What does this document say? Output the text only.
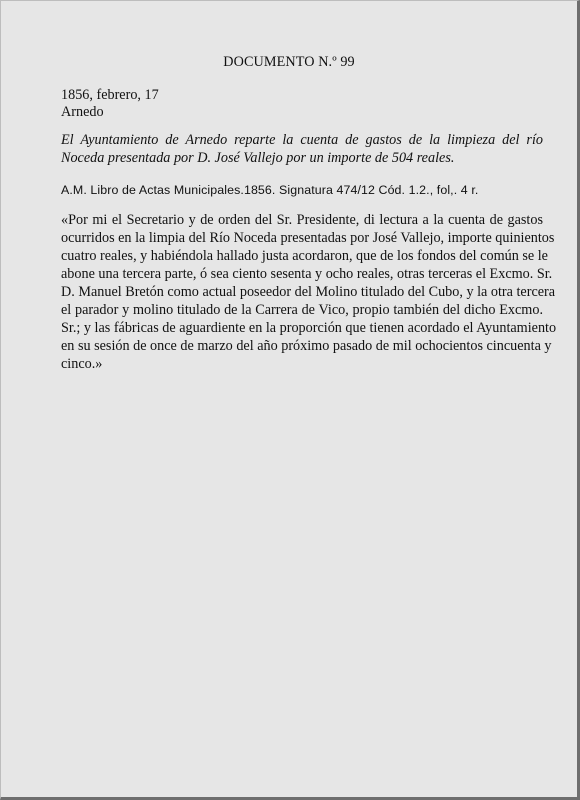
DOCUMENTO N.º 99
1856, febrero, 17
Arnedo
El Ayuntamiento de Arnedo reparte la cuenta de gastos de la limpieza del río Noceda presentada por D. José Vallejo por un importe de 504 reales.
A.M. Libro de Actas Municipales.1856. Signatura 474/12 Cód. 1.2., fol,. 4 r.
«Por mi el Secretario y de orden del Sr. Presidente, di lectura a la cuenta de gastos
ocurridos en la limpia del Río Noceda presentadas por José Vallejo, importe quinientos
cuatro reales, y habiéndola hallado justa acordaron, que de los fondos del común se le
abone una tercera parte, ó sea ciento sesenta y ocho reales, otras terceras el Excmo. Sr.
D. Manuel Bretón como actual poseedor del Molino titulado del Cubo, y la otra tercera
el parador y molino titulado de la Carrera de Vico, propio también del dicho Excmo.
Sr.; y las fábricas de aguardiente en la proporción que tienen acordado el Ayuntamiento
en su sesión de once de marzo del año próximo pasado de mil ochocientos cincuenta y
cinco.»
